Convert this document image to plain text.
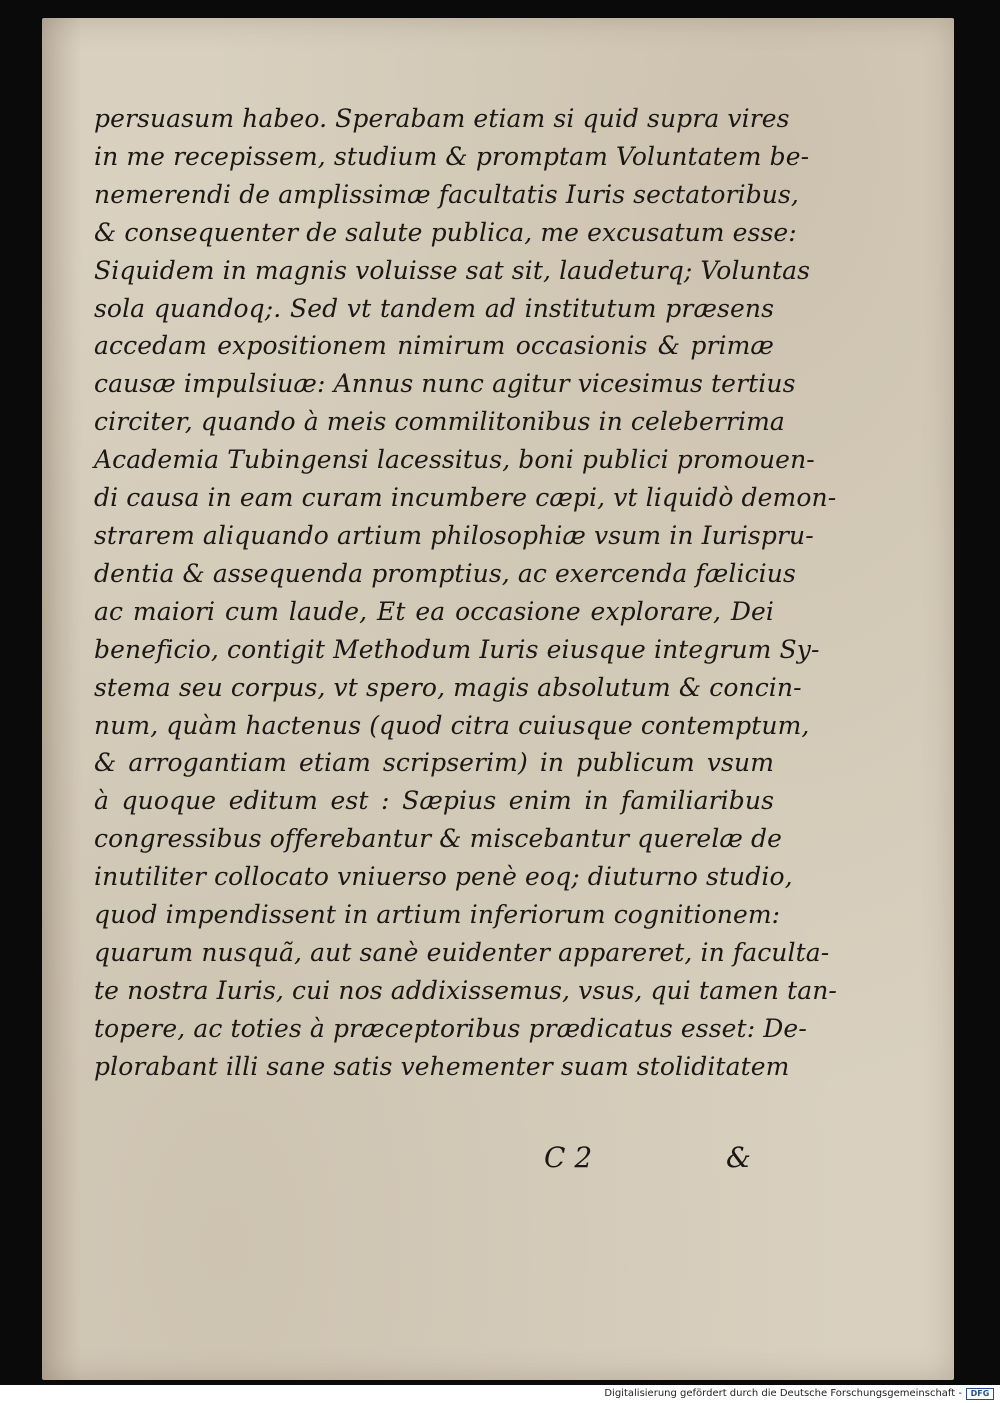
persuasum habeo. Sperabam etiam si quid supra vires
in me recepissem, studium & promptam Voluntatem be-
nemerendi de amplissimæ facultatis Iuris sectatoribus,
& consequenter de salute publica, me excusatum esse:
Siquidem in magnis voluisse sat sit, laudeturq; Voluntas
sola quandoq;. Sed vt tandem ad institutum præsens
accedam expositionem nimirum occasionis & primæ
causæ impulsiuæ: Annus nunc agitur vicesimus tertius
circiter, quando à meis commilitonibus in celeberrima
Academia Tubingensi lacessitus, boni publici promouen-
di causa in eam curam incumbere cæpi, vt liquidò demon-
strarem aliquando artium philosophiæ vsum in Iurispru-
dentia & assequenda promptius, ac exercenda fælicius
ac maiori cum laude, Et ea occasione explorare, Dei
beneficio, contigit Methodum Iuris eiusque integrum Sy-
stema seu corpus, vt spero, magis absolutum & concin-
num, quàm hactenus (quod citra cuiusque contemptum,
& arrogantiam etiam scripserim) in publicum vsum
à quoque editum est : Sæpius enim in familiaribus
congressibus offerebantur & miscebantur querelæ de
inutiliter collocato vniuerso penè eoq; diuturno studio,
quod impendissent in artium inferiorum cognitionem:
quarum nusquã, aut sanè euidenter appareret, in faculta-
te nostra Iuris, cui nos addixissemus, vsus, qui tamen tan-
topere, ac toties à præceptoribus prædicatus esset: De-
plorabant illi sane satis vehementer suam stoliditatem
C 2	&
Digitalisierung gefördert durch die Deutsche Forschungsgemeinschaft -	DFG
